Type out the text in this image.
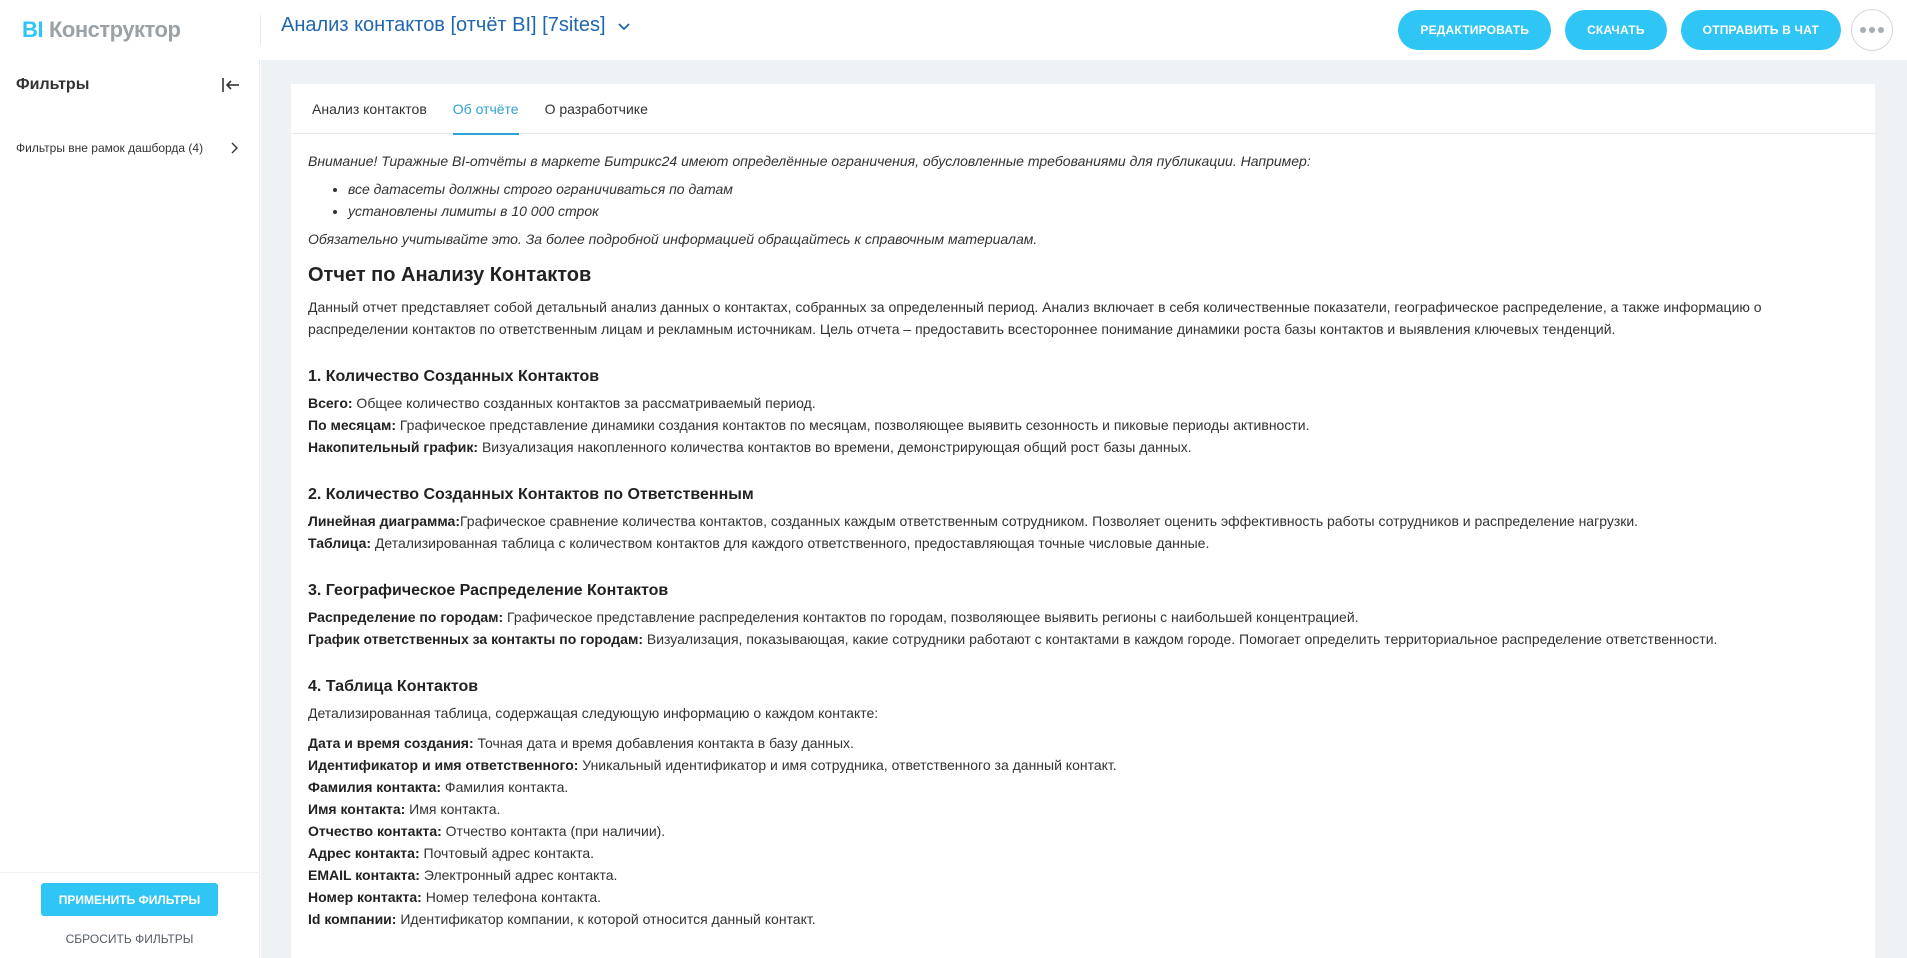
BI Конструктор	Анализ контактов [отчёт BI] [7sites]	РЕДАКТИРОВАТЬ	СКАЧАТЬ	ОТПРАВИТЬ В ЧАТ
Фильтры
Фильтры вне рамок дашборда (4)
ПРИМЕНИТЬ ФИЛЬТРЫ
СБРОСИТЬ ФИЛЬТРЫ
Анализ контактов Об отчёте О разработчике

Внимание! Тиражные BI-отчёты в маркете Битрикс24 имеют определённые ограничения, обусловленные требованиями для публикации. Например:

• все датасеты должны строго ограничиваться по датам
• установлены лимиты в 10 000 строк

Обязательно учитывайте это. За более подробной информацией обращайтесь к справочным материалам.

Отчет по Анализу Контактов

Данный отчет представляет собой детальный анализ данных о контактах, собранных за определенный период. Анализ включает в себя количественные показатели, географическое распределение, а также информацию о распределении контактов по ответственным лицам и рекламным источникам. Цель отчета – предоставить всестороннее понимание динамики роста базы контактов и выявления ключевых тенденций.

1. Количество Созданных Контактов

Всего: Общее количество созданных контактов за рассматриваемый период.

По месяцам: Графическое представление динамики создания контактов по месяцам, позволяющее выявить сезонность и пиковые периоды активности.

Накопительный график: Визуализация накопленного количества контактов во времени, демонстрирующая общий рост базы данных.

2. Количество Созданных Контактов по Ответственным

Линейная диаграмма:Графическое сравнение количества контактов, созданных каждым ответственным сотрудником. Позволяет оценить эффективность работы сотрудников и распределение нагрузки.

Таблица: Детализированная таблица с количеством контактов для каждого ответственного, предоставляющая точные числовые данные.

3. Географическое Распределение Контактов

Распределение по городам: Графическое представление распределения контактов по городам, позволяющее выявить регионы с наибольшей концентрацией.

График ответственных за контакты по городам: Визуализация, показывающая, какие сотрудники работают с контактами в каждом городе. Помогает определить территориальное распределение ответственности.

4. Таблица Контактов

Детализированная таблица, содержащая следующую информацию о каждом контакте:

Дата и время создания: Точная дата и время добавления контакта в базу данных.

Идентификатор и имя ответственного: Уникальный идентификатор и имя сотрудника, ответственного за данный контакт.

Фамилия контакта: Фамилия контакта.

Имя контакта: Имя контакта.

Отчество контакта: Отчество контакта (при наличии).

Адрес контакта: Почтовый адрес контакта.

EMAIL контакта: Электронный адрес контакта.

Номер контакта: Номер телефона контакта.

Id компании: Идентификатор компании, к которой относится данный контакт.
